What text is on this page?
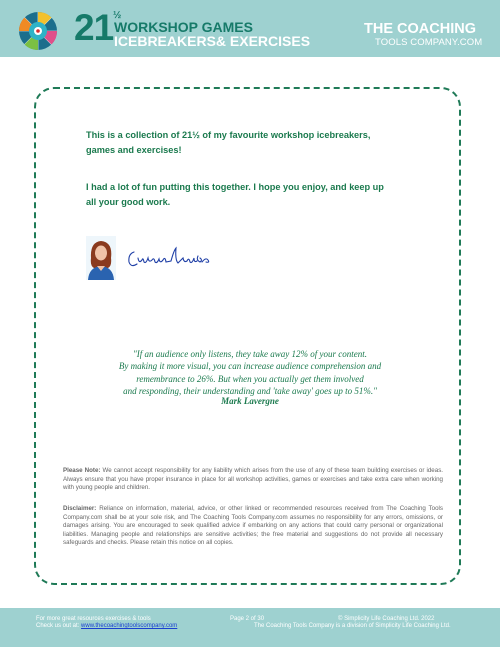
21 ½
WORKSHOP GAMES
ICEBREAKERS& EXERCISES
THE COACHING
TOOLS COMPANY.COM
This is a collection of 21½ of my favourite workshop icebreakers, games and exercises!
I had a lot of fun putting this together. I hope you enjoy, and keep up all your good work.
"If an audience only listens, they take away 12% of your content.
By making it more visual, you can increase audience comprehension and
remembrance to 26%. But when you actually get them involved
and responding, their understanding and 'take away' goes up to 51%."
Mark Lavergne
Please Note: We cannot accept responsibility for any liability which arises from the use of any of these team building exercises or ideas. Always ensure that you have proper insurance in place for all workshop activities, games or exercises and take extra care when working with young people and children.
Disclaimer: Reliance on information, material, advice, or other linked or recommended resources received from The Coaching Tools Company.com shall be at your sole risk, and The Coaching Tools Company.com assumes no responsibility for any errors, omissions, or damages arising. You are encouraged to seek qualified advice if embarking on any actions that could carry personal or organizational liabilities. Managing people and relationships are sensitive activities; the free material and suggestions do not provide all necessary safeguards and checks. Please retain this notice on all copies.
For more great resources exercises & tools
Check us out at: www.thecoachingtoolscompany.com
Page 2 of 30	© Simplicity Life Coaching Ltd. 2022
The Coaching Tools Company is a division of Simplicity Life Coaching Ltd.
